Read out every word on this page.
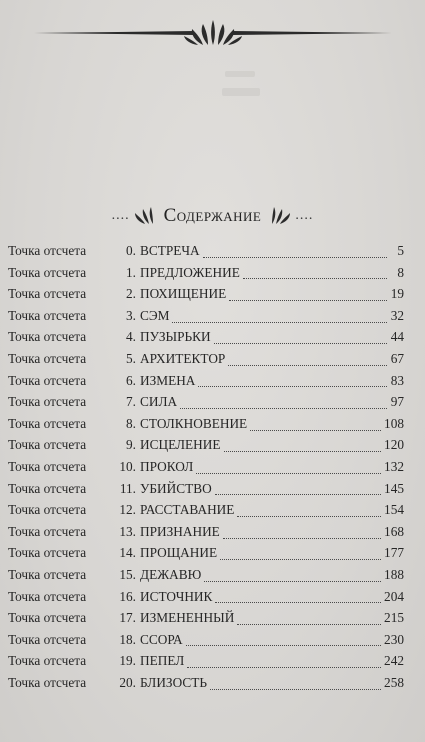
.... Содержание ....
Точка отсчета	0. ВСТРЕЧА	5
Точка отсчета	1. ПРЕДЛОЖЕНИЕ	8
Точка отсчета	2. ПОХИЩЕНИЕ	19
Точка отсчета	3. СЭМ	32
Точка отсчета	4. ПУЗЫРЬКИ	44
Точка отсчета	5. АРХИТЕКТОР	67
Точка отсчета	6. ИЗМЕНА	83
Точка отсчета	7. СИЛА	97
Точка отсчета	8. СТОЛКНОВЕНИЕ	108
Точка отсчета	9. ИСЦЕЛЕНИЕ	120
Точка отсчета	10. ПРОКОЛ	132
Точка отсчета	11. УБИЙСТВО	145
Точка отсчета	12. РАССТАВАНИЕ	154
Точка отсчета	13. ПРИЗНАНИЕ	168
Точка отсчета	14. ПРОЩАНИЕ	177
Точка отсчета	15. ДЕЖАВЮ	188
Точка отсчета	16. ИСТОЧНИК	204
Точка отсчета	17. ИЗМЕНЕННЫЙ	215
Точка отсчета	18. ССОРА	230
Точка отсчета	19. ПЕПЕЛ	242
Точка отсчета	20. БЛИЗОСТЬ	258
